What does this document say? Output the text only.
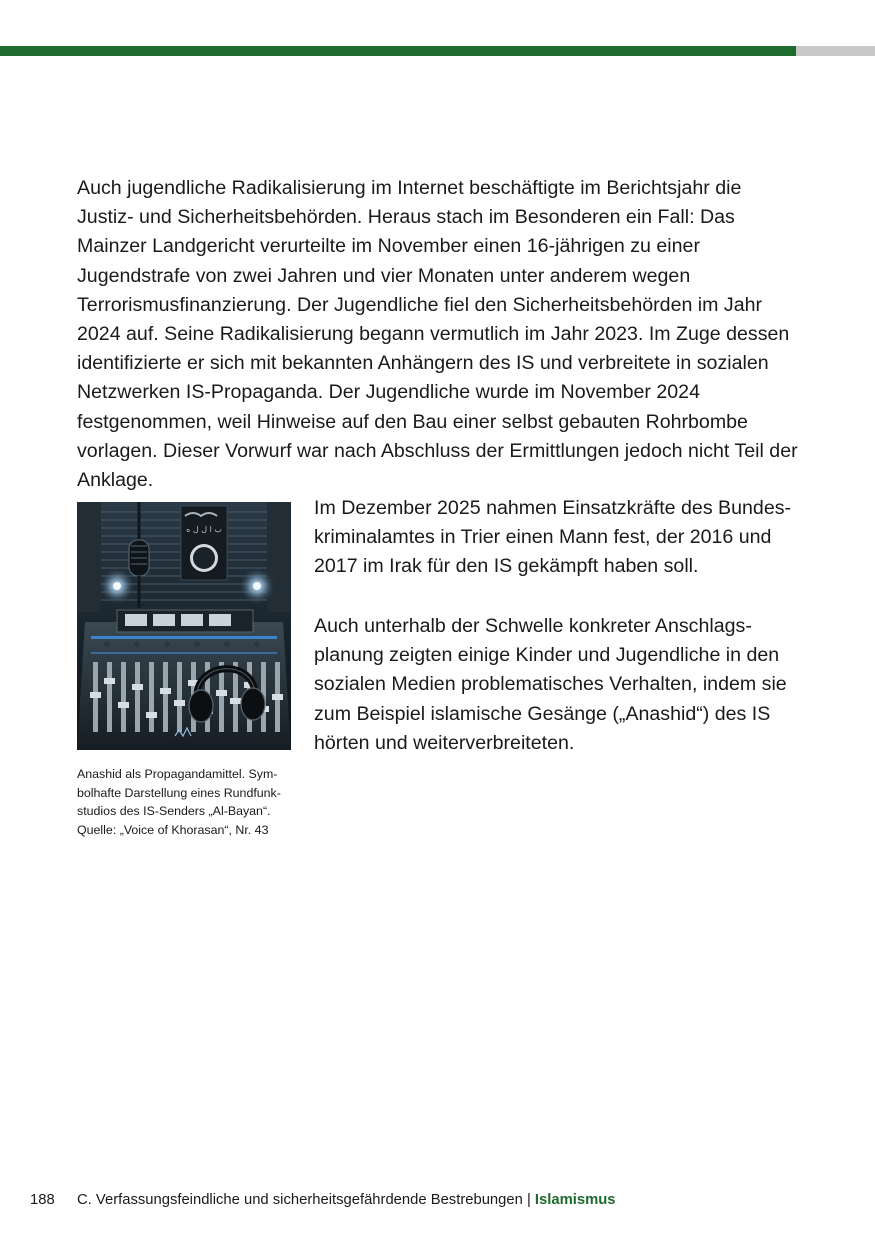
Auch jugendliche Radikalisierung im Internet beschäftigte im Berichtsjahr die Justiz- und Sicherheitsbehörden. Heraus stach im Besonderen ein Fall: Das Mainzer Landgericht verurteilte im November einen 16-jährigen zu einer Jugendstrafe von zwei Jahren und vier Monaten unter anderem wegen Terrorismusfinanzierung. Der Jugendliche fiel den Sicherheitsbehörden im Jahr 2024 auf. Seine Radikalisierung begann vermutlich im Jahr 2023. Im Zuge dessen identifizierte er sich mit bekannten Anhängern des IS und verbreitete in sozialen Netzwerken IS-Propaganda. Der Jugendliche wurde im November 2024 festgenommen, weil Hinweise auf den Bau einer selbst gebauten Rohrbombe vorlagen. Dieser Vorwurf war nach Abschluss der Ermittlungen jedoch nicht Teil der Anklage.

ب ا ل ل ه
Anashid als Propagandamittel. Sym-
bolhafte Darstellung eines Rundfunk-
studios des IS-Senders „Al-Bayan“.
Quelle: „Voice of Khorasan“, Nr. 43

Im Dezember 2025 nahmen Einsatzkräfte des Bundeskriminalamtes in Trier einen Mann fest, der 2016 und 2017 im Irak für den IS gekämpft haben soll.

Auch unterhalb der Schwelle konkreter Anschlagsplanung zeigten einige Kinder und Jugendliche in den sozialen Medien problematisches Verhalten, indem sie zum Beispiel islamische Gesänge („Anashid“) des IS hörten und weiterverbreiteten.

188 C. Verfassungsfeindliche und sicherheitsgefährdende Bestrebungen | Islamismus
